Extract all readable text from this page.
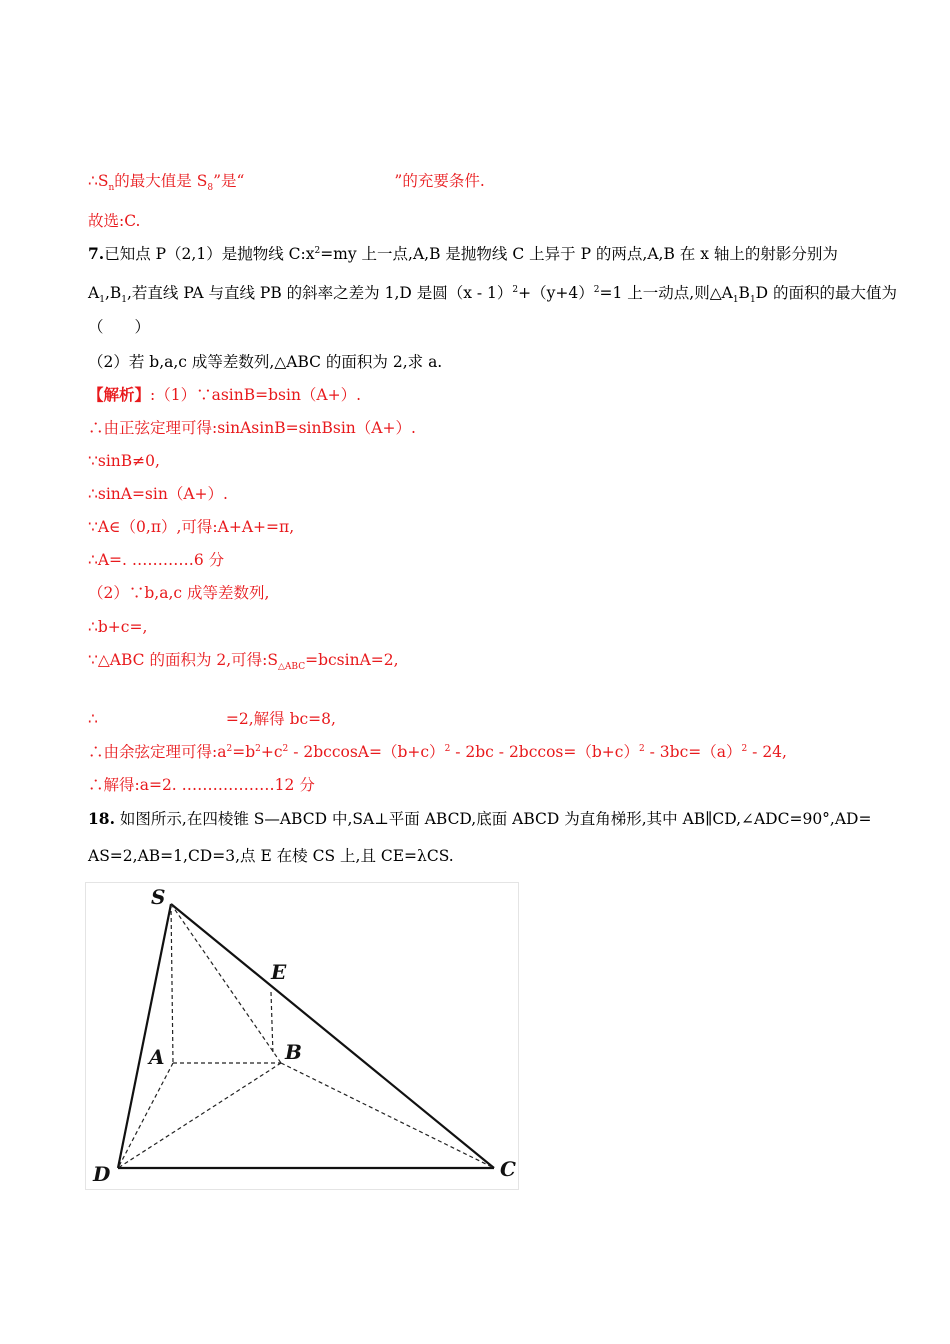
$\therefore S_n$的最大值是 $S_8$”是“	”的充要条件.
故选:C.
7.已知点 P（2,1）是抛物线 $C:x^2=my$ 上一点,A,B 是抛物线 C 上异于 P 的两点,A,B 在 x 轴上的射影分别为
$A_1,B_1$,若直线 PA 与直线 PB 的斜率之差为 1,D 是圆$(x - 1)^2+(y+4)^2=1$ 上一动点,则$\triangle A_1B_1D$ 的面积的最大值为
（　　）
（2）若 b,a,c 成等差数列,△ABC 的面积为 2,求 a.
【解析】:（1）∵asinB=bsin（A+）.
∴由正弦定理可得:sinAsinB=sinBsin（A+）.
∵sinB≠0,
∴sinA=sin（A+）.
∵A∈（0,π）,可得:A+A+=π,
∴A=. …………6 分
（2）∵b,a,c 成等差数列,
∴b+c=,
∵△ABC 的面积为 2,可得$:S_{\triangle ABC}=bcsinA=2$,
∴	=2,解得 bc=8,
∴由余弦定理可得$:a^2=b^2+c^2 - 2bccosA=(b+c)^2 - 2bc - 2bccos=(b+c)^2 - 3bc=(a)^2 - 24$,
∴解得:a=2. ………………12 分
18. 如图所示,在四棱锥 S—ABCD 中,SA⊥平面 ABCD,底面 ABCD 为直角梯形,其中 AB∥CD,∠ADC=90°,AD=
AS=2,AB=1,CD=3,点 E 在棱 CS 上,且 CE=λCS.
S
E
A	B
D	C
